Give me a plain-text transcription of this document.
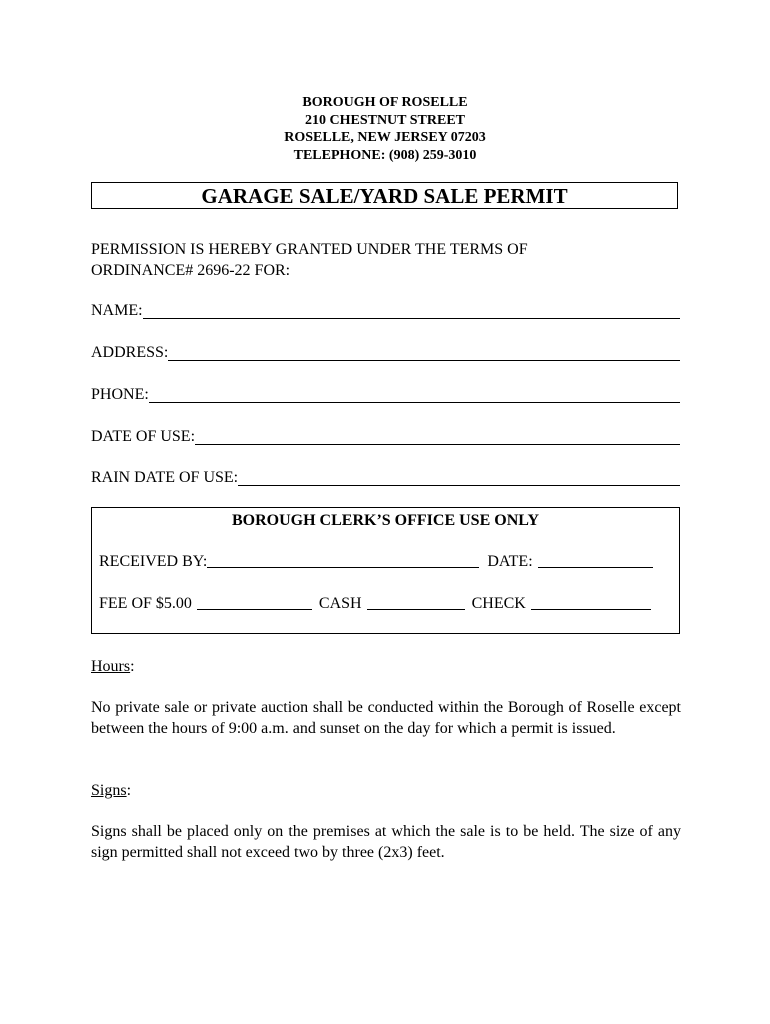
BOROUGH OF ROSELLE
210 CHESTNUT STREET
ROSELLE, NEW JERSEY 07203
TELEPHONE: (908) 259-3010
GARAGE SALE/YARD SALE PERMIT
PERMISSION IS HEREBY GRANTED UNDER THE TERMS OF
ORDINANCE# 2696-22 FOR:
NAME:
ADDRESS:
PHONE:
DATE OF USE:
RAIN DATE OF USE:
BOROUGH CLERK’S OFFICE USE ONLY
RECEIVED BY:	DATE:
FEE OF $5.00	CASH	CHECK
Hours:
No private sale or private auction shall be conducted within the Borough of Roselle except between the hours of 9:00 a.m. and sunset on the day for which a permit is issued.
Signs:
Signs shall be placed only on the premises at which the sale is to be held. The size of any sign permitted shall not exceed two by three (2x3) feet.
